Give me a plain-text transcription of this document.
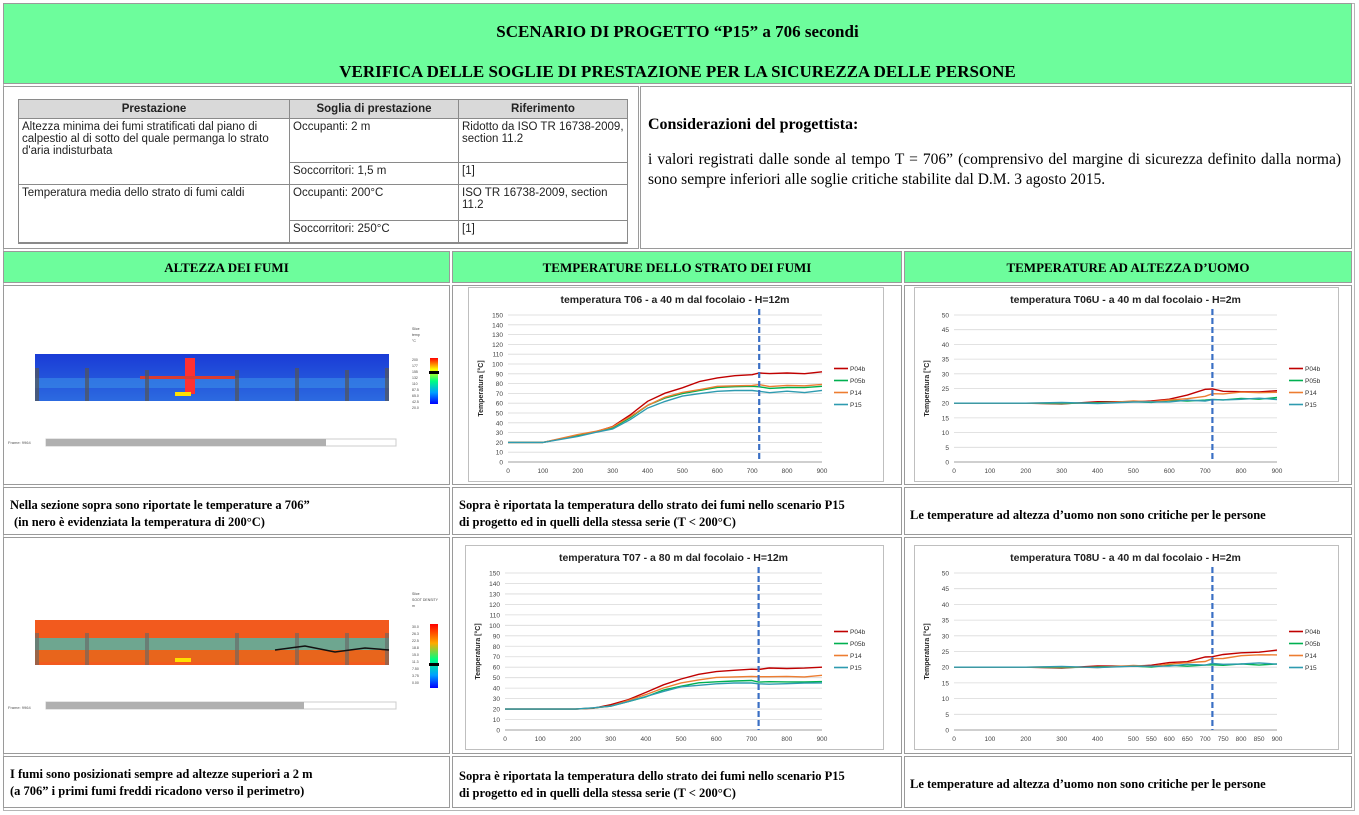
SCENARIO DI PROGETTO “P15” a 706 secondi
VERIFICA DELLE SOGLIE DI PRESTAZIONE PER LA SICUREZZA DELLE PERSONE
Prestazione	Soglia di prestazione	Riferimento
Altezza minima dei fumi stratificati dal piano di calpestio al di sotto del quale permanga lo strato d'aria indisturbata	Occupanti: 2 m	Ridotto da ISO TR 16738-2009, section 11.2
	Soccorritori: 1,5 m	[1]
Temperatura media dello strato di fumi caldi	Occupanti: 200°C	ISO TR 16738-2009, section 11.2
	Soccorritori: 250°C	[1]
Considerazioni del progettista:
i valori registrati dalle sonde al tempo T = 706” (comprensivo del margine di sicurezza definito dalla norma) sono sempre inferiori alle soglie critiche stabilite dal D.M. 3 agosto 2015.
ALTEZZA DEI FUMI	TEMPERATURE DELLO STRATO DEI FUMI	TEMPERATURE AD ALTEZZA D’UOMO
Nella sezione sopra sono riportate le temperature a 706”
(in nero è evidenziata la temperatura di 200°C)
Sopra è riportata la temperatura dello strato dei fumi nello scenario P15
di progetto ed in quelli della stessa serie (T < 200°C)	Le temperature ad altezza d’uomo non sono critiche per le persone
I fumi sono posizionati sempre ad altezze superiori a 2 m
(a 706” i primi fumi freddi ricadono verso il perimetro)
Sopra è riportata la temperatura dello strato dei fumi nello scenario P15
di progetto ed in quelli della stessa serie (T < 200°C)
Le temperature ad altezza d’uomo non sono critiche per le persone
Slice
temp
°C
200
177
155
132
110
87.5
65.0
42.5
20.0
Frame: 9964
Slice
SOOT DENSITY
m
30.0
26.3
22.5
18.8
15.0
11.3
7.50
3.75
0.00
Frame: 9964
temperatura T06 - a 40 m dal focolaio - H=12m
0
10
20
30
40
50
60
70
80
90
100
110
120
130
140
150
0	100	200	300	400	500	600	700	800	900
Temperatura [°C]	P04b
P05b
P14
P15
temperatura T06U - a 40 m dal focolaio - H=2m
0
5
10
15
20
25
30
35
40
45
50
0	100	200	300	400	500	600	700	800	900
Temperatura [°C]	P04b
P05b
P14
P15
temperatura T07 - a 80 m dal focolaio - H=12m
0
10
20
30
40
50
60
70
80
90
100
110
120
130
140
150
0	100	200	300	400	500	600	700	800	900
Temperatura [°C]	P04b
P05b
P14
P15
temperatura T08U - a 40 m dal focolaio - H=2m
0
5
10
15
20
25
30
35
40
45
50
0	100	200	300	400	500 550 600 650 700 750 800 850 900
Temperatura [°C]	P04b
P05b
P14
P15
